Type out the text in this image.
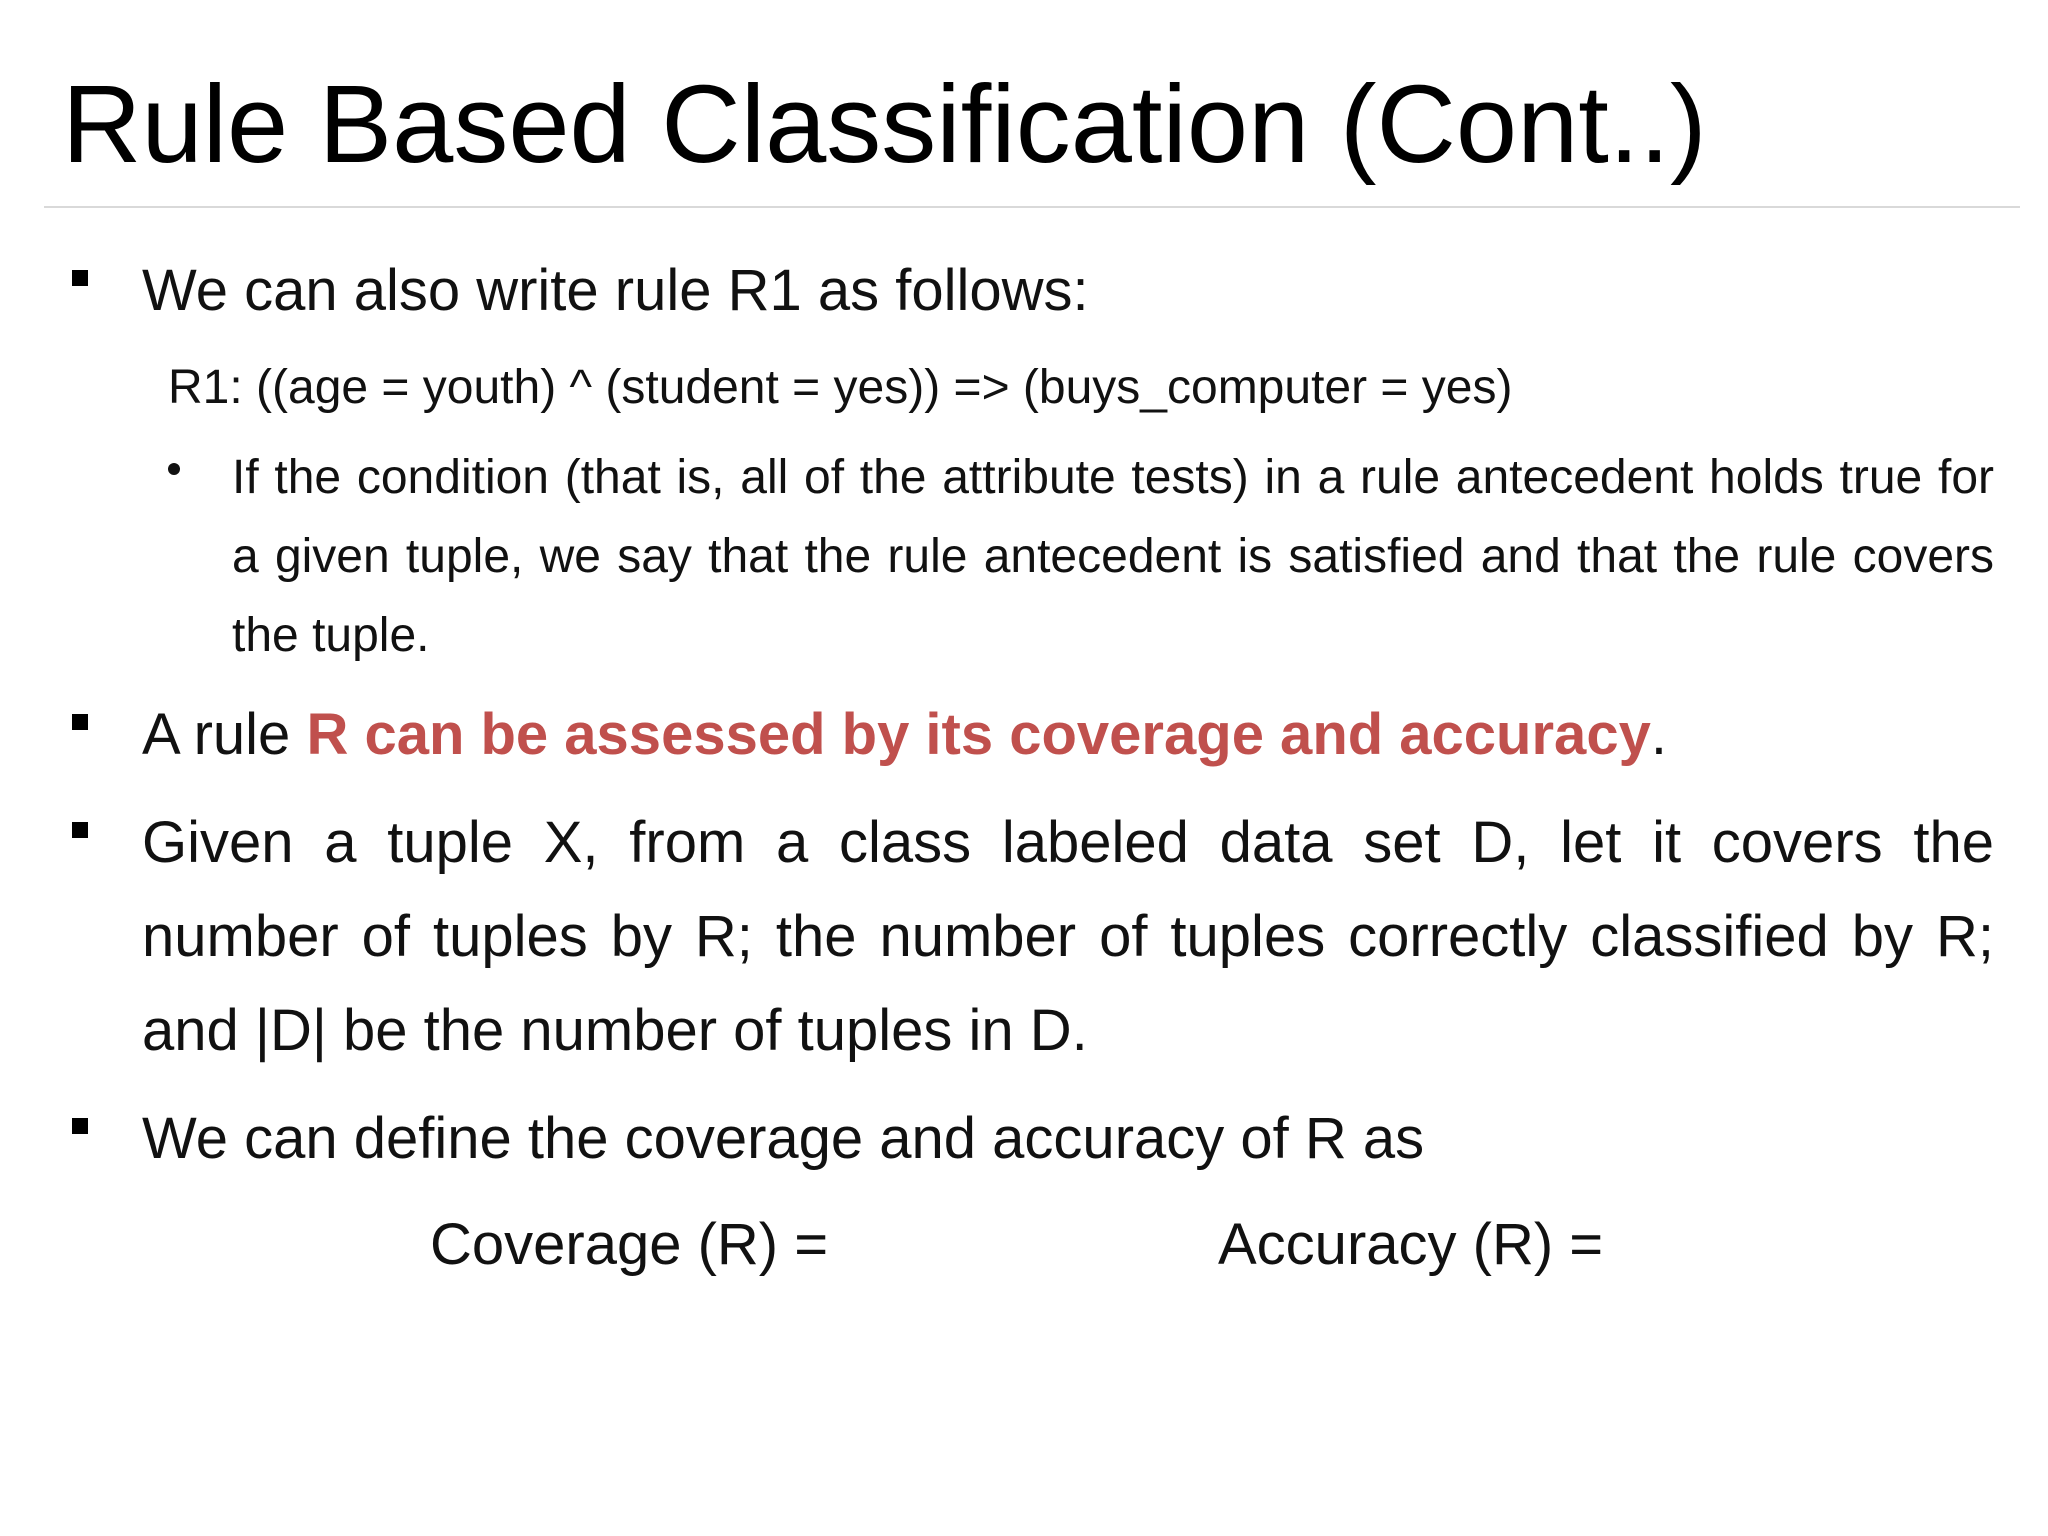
Rule Based Classification (Cont..)
We can also write rule R1 as follows:
R1: ((age = youth) ^ (student = yes)) => (buys_computer = yes)
If the condition (that is, all of the attribute tests) in a rule antecedent holds true for a given tuple, we say that the rule antecedent is satisfied and that the rule covers the tuple.
A rule R can be assessed by its coverage and accuracy.
Given a tuple X, from a class labeled data set D, let it covers the number of tuples by R; the number of tuples correctly classified by R; and |D| be the number of tuples in D.
We can define the coverage and accuracy of R as
Coverage (R) =	Accuracy (R) =
